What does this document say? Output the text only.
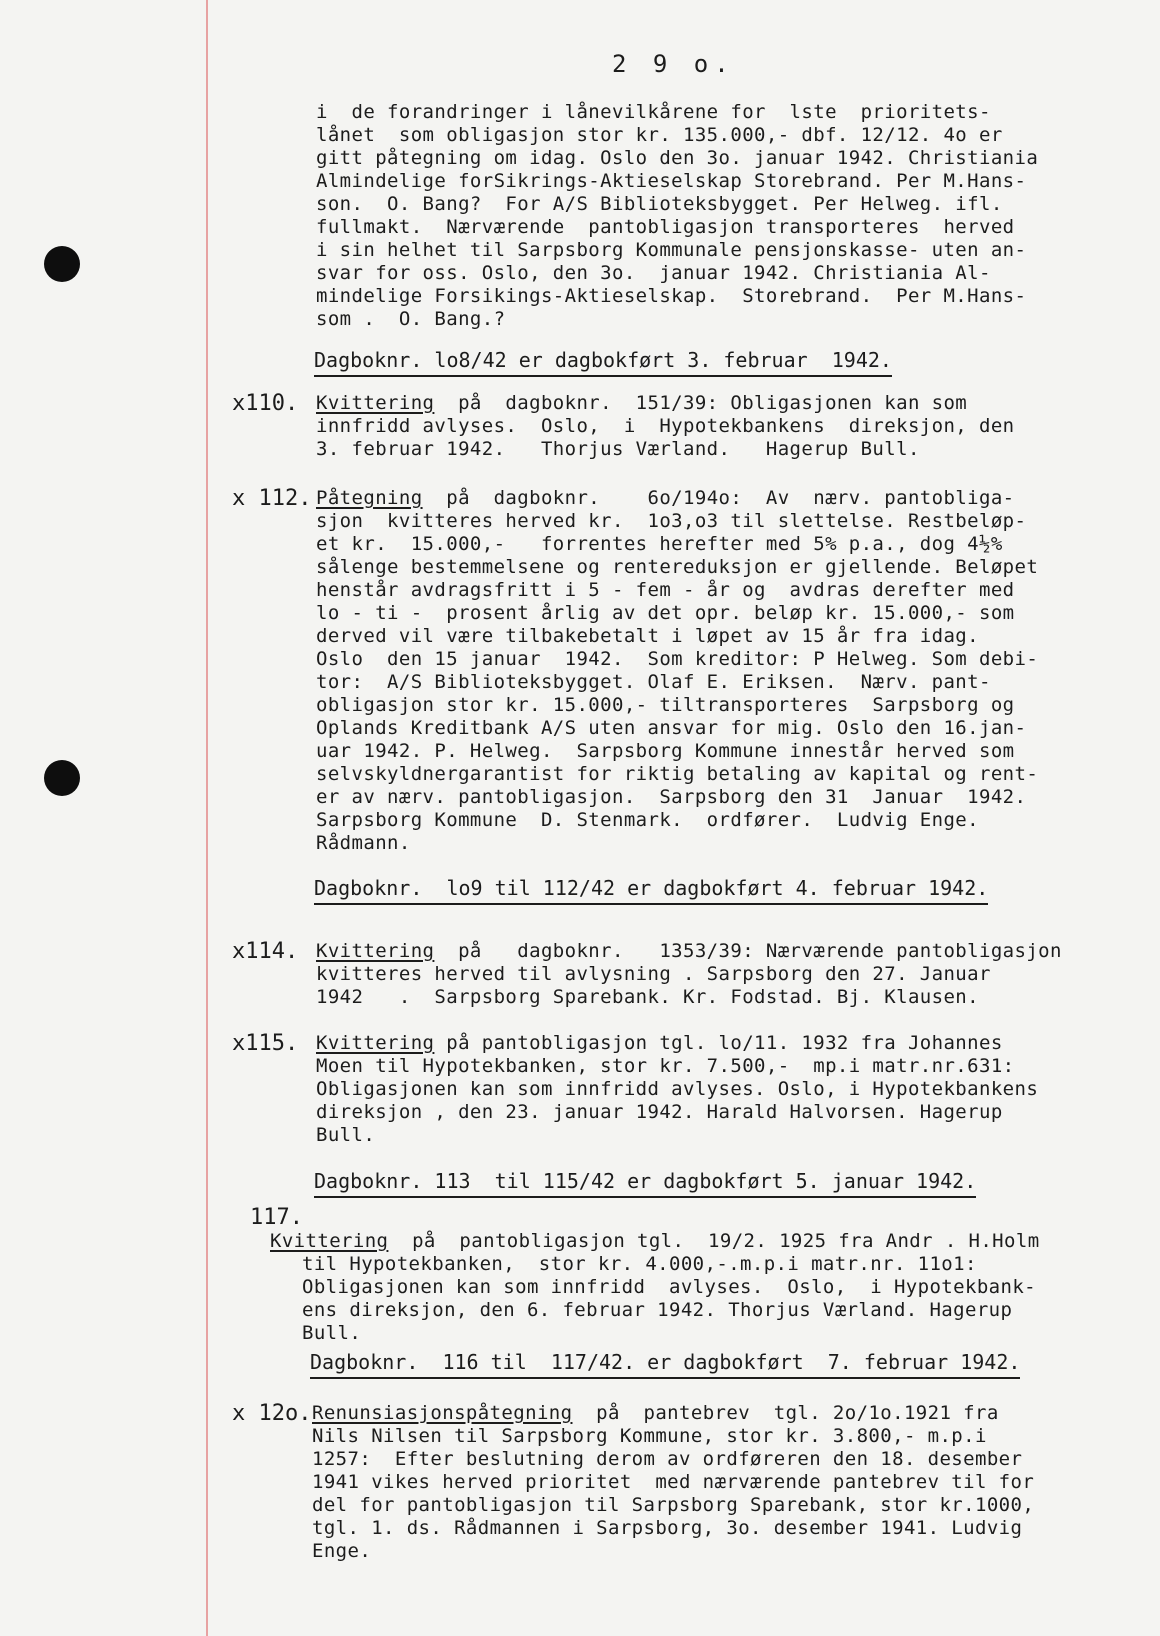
2 9 o.
i  de forandringer i lånevilkårene for  lste  prioritets-
lånet  som obligasjon stor kr. 135.000,- dbf. 12/12. 4o er
gitt påtegning om idag. Oslo den 3o. januar 1942. Christiania
Almindelige forSikrings-Aktieselskap Storebrand. Per M.Hans-
son.  O. Bang?  For A/S Biblioteksbygget. Per Helweg. ifl.
fullmakt.  Nærværende  pantobligasjon transporteres  herved
i sin helhet til Sarpsborg Kommunale pensjonskasse- uten an-
svar for oss. Oslo, den 3o.  januar 1942. Christiania Al-
mindelige Forsikings-Aktieselskap.  Storebrand.  Per M.Hans-
som .  O. Bang.?
Dagboknr. lo8/42 er dagbokført 3. februar  1942.
x110. Kvittering  på  dagboknr.  151/39: Obligasjonen kan som
innfridd avlyses.  Oslo,  i  Hypotekbankens  direksjon, den
3. februar 1942.   Thorjus Værland.   Hagerup Bull.
x 112. Påtegning  på  dagboknr.    6o/194o:  Av  nærv. pantobliga-
sjon  kvitteres herved kr.  1o3,o3 til slettelse. Restbeløp-
et kr.  15.000,-   forrentes herefter med 5% p.a., dog 4½%
sålenge bestemmelsene og rentereduksjon er gjellende. Beløpet
henstår avdragsfritt i 5 - fem - år og  avdras derefter med
lo - ti -  prosent årlig av det opr. beløp kr. 15.000,- som
derved vil være tilbakebetalt i løpet av 15 år fra idag.
Oslo  den 15 januar  1942.  Som kreditor: P Helweg. Som debi-
tor:  A/S Biblioteksbygget. Olaf E. Eriksen.  Nærv. pant-
obligasjon stor kr. 15.000,- tiltransporteres  Sarpsborg og
Oplands Kreditbank A/S uten ansvar for mig. Oslo den 16.jan-
uar 1942. P. Helweg.  Sarpsborg Kommune innestår herved som
selvskyldnergarantist for riktig betaling av kapital og rent-
er av nærv. pantobligasjon.  Sarpsborg den 31  Januar  1942.
Sarpsborg Kommune  D. Stenmark.  ordfører.  Ludvig Enge.
Rådmann.
Dagboknr.  lo9 til 112/42 er dagbokført 4. februar 1942.
x114. Kvittering  på   dagboknr.   1353/39: Nærværende pantobligasjon
kvitteres herved til avlysning . Sarpsborg den 27. Januar
1942   .  Sarpsborg Sparebank. Kr. Fodstad. Bj. Klausen.
x115. Kvittering på pantobligasjon tgl. lo/11. 1932 fra Johannes
Moen til Hypotekbanken, stor kr. 7.500,-  mp.i matr.nr.631:
Obligasjonen kan som innfridd avlyses. Oslo, i Hypotekbankens
direksjon , den 23. januar 1942. Harald Halvorsen. Hagerup
Bull.
Dagboknr. 113  til 115/42 er dagbokført 5. januar 1942.
117.
Kvittering  på  pantobligasjon tgl.  19/2. 1925 fra Andr . H.Holm
til Hypotekbanken,  stor kr. 4.000,-.m.p.i matr.nr. 11o1:
Obligasjonen kan som innfridd  avlyses.  Oslo,  i Hypotekbank-
ens direksjon, den 6. februar 1942. Thorjus Værland. Hagerup
Bull.
Dagboknr.  116 til  117/42. er dagbokført  7. februar 1942.
x 12o. Renunsiasjonspåtegning  på  pantebrev  tgl. 2o/1o.1921 fra
Nils Nilsen til Sarpsborg Kommune, stor kr. 3.800,- m.p.i
1257:  Efter beslutning derom av ordføreren den 18. desember
1941 vikes herved prioritet  med nærværende pantebrev til for
del for pantobligasjon til Sarpsborg Sparebank, stor kr.1000,
tgl. 1. ds. Rådmannen i Sarpsborg, 3o. desember 1941. Ludvig
Enge.
